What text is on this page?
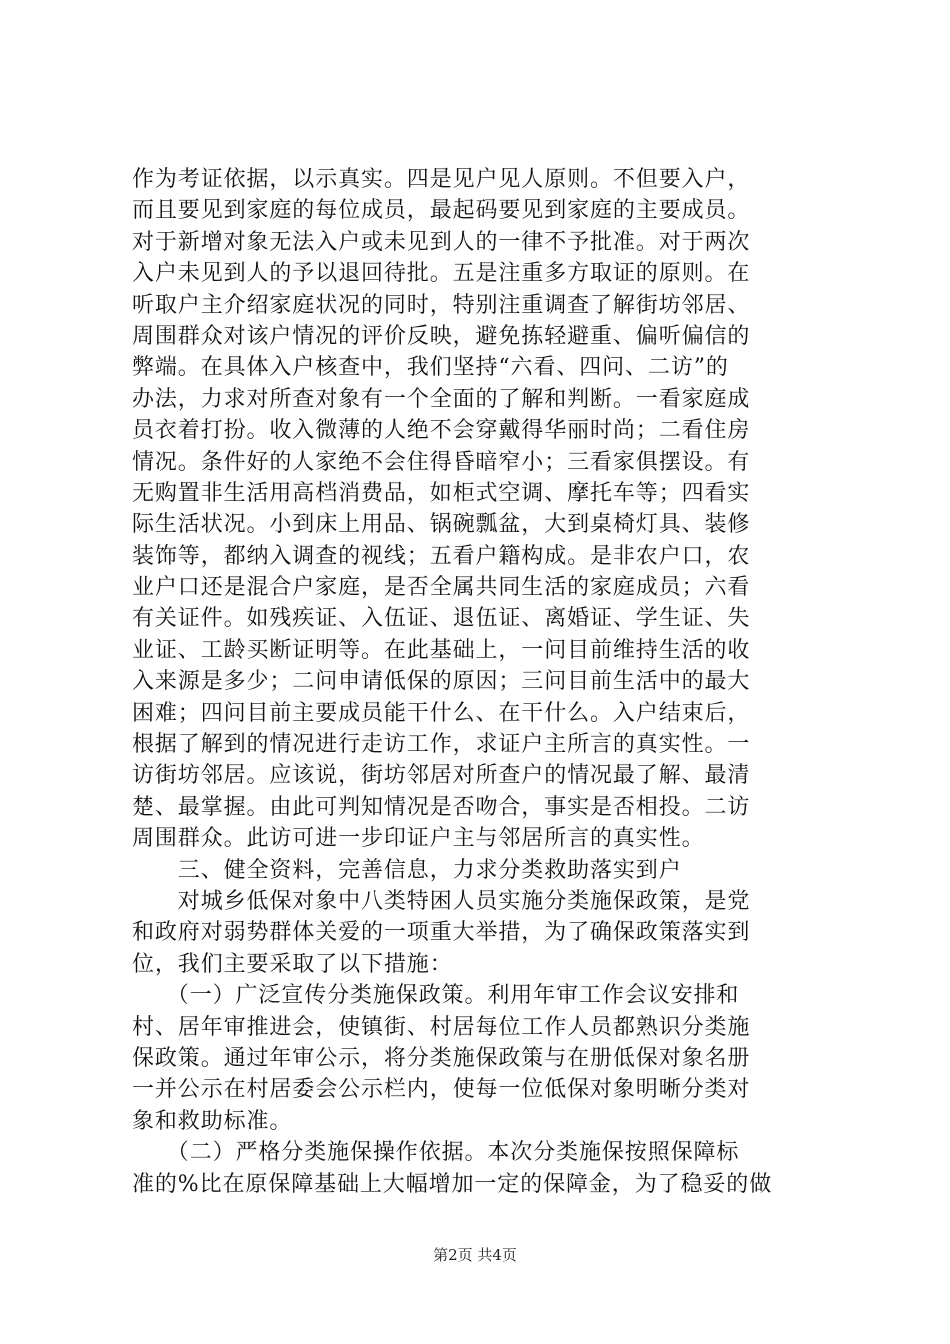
作为考证依据，以示真实。四是见户见人原则。不但要入户，
而且要见到家庭的每位成员，最起码要见到家庭的主要成员。
对于新增对象无法入户或未见到人的一律不予批准。对于两次
入户未见到人的予以退回待批。五是注重多方取证的原则。在
听取户主介绍家庭状况的同时，特别注重调查了解街坊邻居、
周围群众对该户情况的评价反映，避免拣轻避重、偏听偏信的
弊端。在具体入户核查中，我们坚持“六看、四问、二访”的
办法，力求对所查对象有一个全面的了解和判断。一看家庭成
员衣着打扮。收入微薄的人绝不会穿戴得华丽时尚；二看住房
情况。条件好的人家绝不会住得昏暗窄小；三看家俱摆设。有
无购置非生活用高档消费品，如柜式空调、摩托车等；四看实
际生活状况。小到床上用品、锅碗瓢盆，大到桌椅灯具、装修
装饰等，都纳入调查的视线；五看户籍构成。是非农户口，农
业户口还是混合户家庭，是否全属共同生活的家庭成员；六看
有关证件。如残疾证、入伍证、退伍证、离婚证、学生证、失
业证、工龄买断证明等。在此基础上，一问目前维持生活的收
入来源是多少；二问申请低保的原因；三问目前生活中的最大
困难；四问目前主要成员能干什么、在干什么。入户结束后，
根据了解到的情况进行走访工作，求证户主所言的真实性。一
访街坊邻居。应该说，街坊邻居对所查户的情况最了解、最清
楚、最掌握。由此可判知情况是否吻合，事实是否相投。二访
周围群众。此访可进一步印证户主与邻居所言的真实性。
　　三、健全资料，完善信息，力求分类救助落实到户
　　对城乡低保对象中八类特困人员实施分类施保政策，是党
和政府对弱势群体关爱的一项重大举措，为了确保政策落实到
位，我们主要采取了以下措施：
　　（一）广泛宣传分类施保政策。利用年审工作会议安排和
村、居年审推进会，使镇街、村居每位工作人员都熟识分类施
保政策。通过年审公示，将分类施保政策与在册低保对象名册
一并公示在村居委会公示栏内，使每一位低保对象明晰分类对
象和救助标准。
　　（二）严格分类施保操作依据。本次分类施保按照保障标
准的%比在原保障基础上大幅增加一定的保障金，为了稳妥的做
第2页 共4页
